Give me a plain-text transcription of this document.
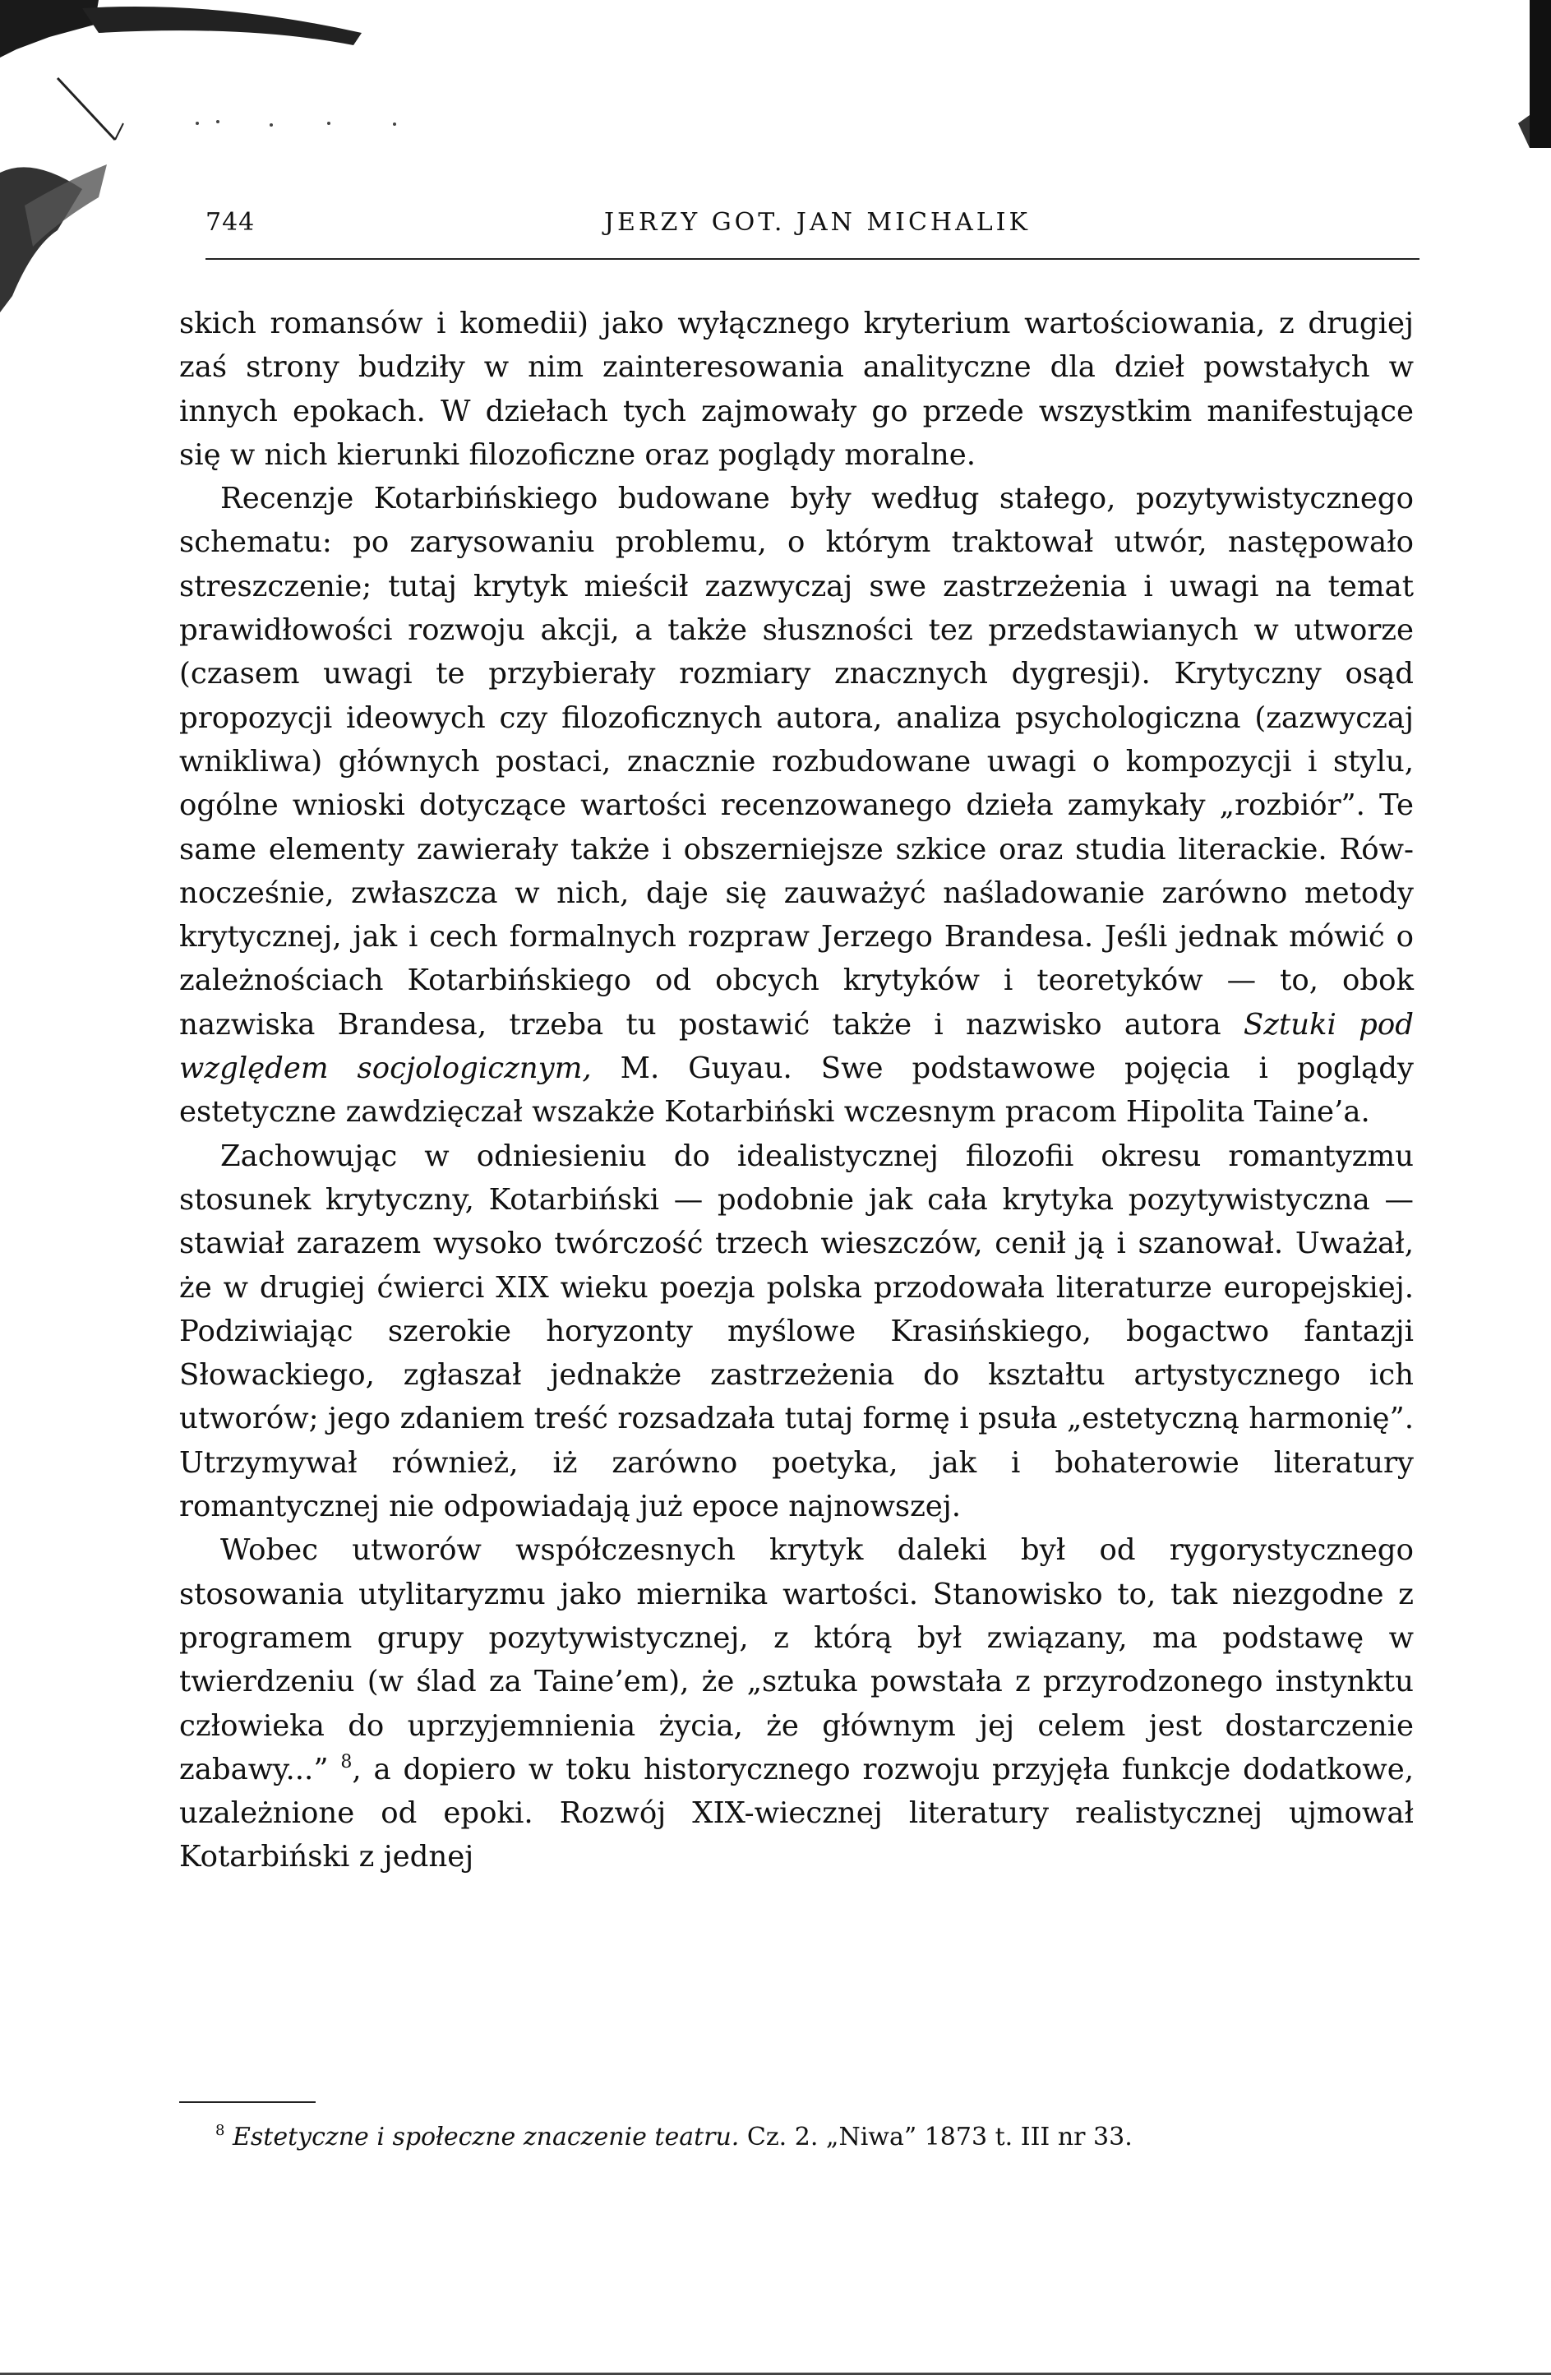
744	JERZY GOT. JAN MICHALIK

skich romansów i komedii) jako wyłącznego kryterium wartościowania, z drugiej zaś strony budziły w nim zainteresowania analityczne dla dzieł powstałych w innych epokach. W dziełach tych zajmowały go przede wszystkim manifestujące się w nich kierunki filozoficzne oraz poglądy moralne.

Recenzje Kotarbińskiego budowane były według stałego, pozytywistycznego schematu: po zarysowaniu problemu, o którym traktował utwór, następowało streszczenie; tutaj krytyk mieścił zazwyczaj swe zastrzeżenia i uwagi na temat prawidłowości rozwoju akcji, a także słuszności tez przedstawianych w utworze (czasem uwagi te przybierały rozmiary znacznych dygresji). Krytyczny osąd propozycji ideowych czy filozoficznych autora, analiza psychologiczna (zazwyczaj wnikliwa) głównych postaci, znacznie rozbudowane uwagi o kompozycji i stylu, ogólne wnioski dotyczące wartości recenzowanego dzieła zamykały „rozbiór”. Te same elementy zawierały także i obszerniejsze szkice oraz studia literackie. Równocześnie, zwłaszcza w nich, daje się zauważyć naśladowanie zarówno metody krytycznej, jak i cech formalnych rozpraw Jerzego Brandesa. Jeśli jednak mówić o zależnościach Kotarbińskiego od obcych krytyków i teoretyków — to, obok nazwiska Brandesa, trzeba tu postawić także i nazwisko autora Sztuki pod względem socjologicznym, M. Guyau. Swe podstawowe pojęcia i poglądy estetyczne zawdzięczał wszakże Kotarbiński wczesnym pracom Hipolita Taine’a.

Zachowując w odniesieniu do idealistycznej filozofii okresu romantyzmu stosunek krytyczny, Kotarbiński — podobnie jak cała krytyka pozytywistyczna — stawiał zarazem wysoko twórczość trzech wieszczów, cenił ją i szanował. Uważał, że w drugiej ćwierci XIX wieku poezja polska przodowała literaturze europejskiej. Podziwiając szerokie horyzonty myślowe Krasińskiego, bogactwo fantazji Słowackiego, zgłaszał jednakże zastrzeżenia do kształtu artystycznego ich utworów; jego zdaniem treść rozsadzała tutaj formę i psuła „estetyczną harmonię”. Utrzymywał również, iż zarówno poetyka, jak i bohaterowie literatury romantycznej nie odpowiadają już epoce najnowszej.

Wobec utworów współczesnych krytyk daleki był od rygorystycznego stosowania utylitaryzmu jako miernika wartości. Stanowisko to, tak niezgodne z programem grupy pozytywistycznej, z którą był związany, ma podstawę w twierdzeniu (w ślad za Taine’em), że „sztuka powstała z przyrodzonego instynktu człowieka do uprzyjemnienia życia, że głównym jej celem jest dostarczenie zabawy...” $^8$, a dopiero w toku historycznego rozwoju przyjęła funkcje dodatkowe, uzależnione od epoki. Rozwój XIX-wiecznej literatury realistycznej ujmował Kotarbiński z jednej

$^8$ Estetyczne i społeczne znaczenie teatru. Cz. 2. „Niwa” 1873 t. III nr 33.
